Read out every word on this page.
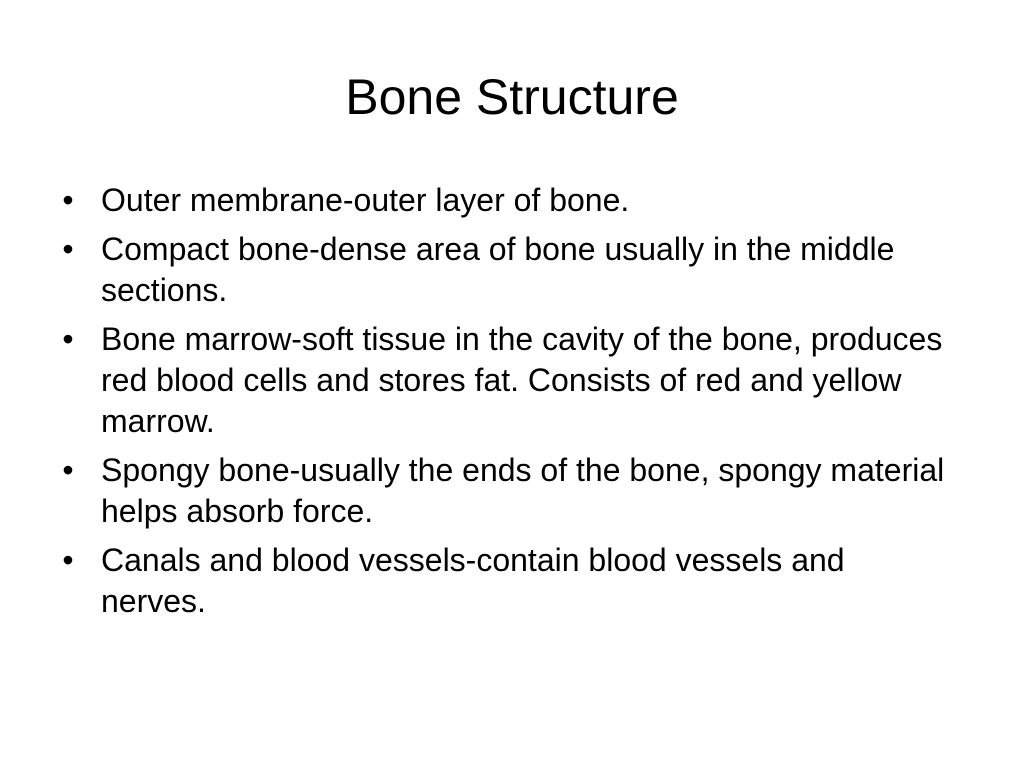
Bone Structure
• Outer membrane-outer layer of bone.
• Compact bone-dense area of bone usually in the middle sections.
• Bone marrow-soft tissue in the cavity of the bone, produces red blood cells and stores fat. Consists of red and yellow marrow.
• Spongy bone-usually the ends of the bone, spongy material helps absorb force.
• Canals and blood vessels-contain blood vessels and nerves.
